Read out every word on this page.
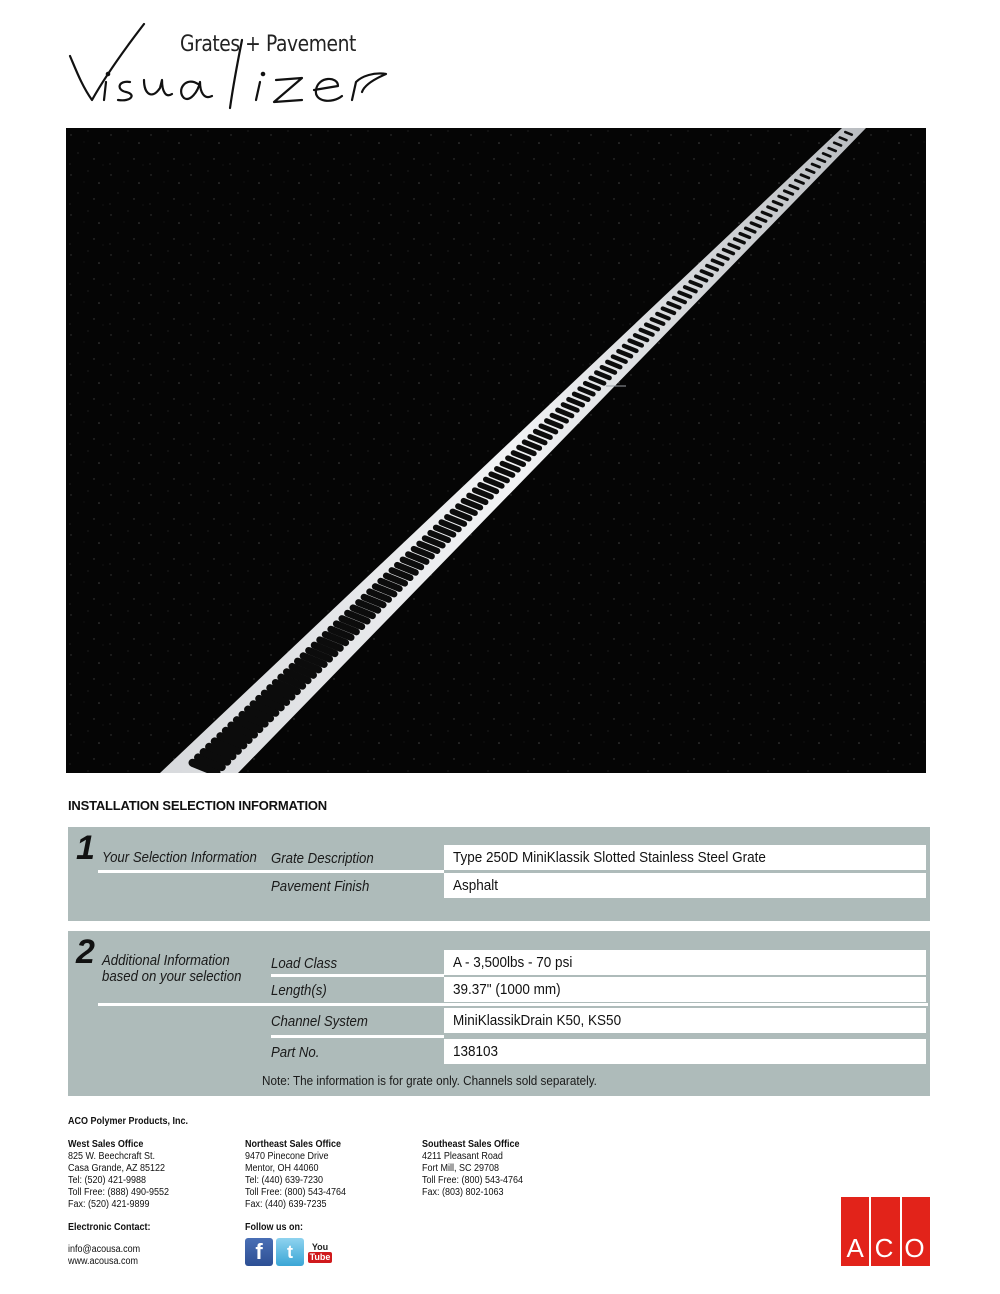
Grates + Pavement
INSTALLATION SELECTION INFORMATION
1 Your Selection Information Grate Description	Type 250D MiniKlassik Slotted Stainless Steel Grate
Pavement Finish	Asphalt
2 Additional Information
based on your selection
Load Class	A - 3,500lbs - 70 psi
Length(s)	39.37" (1000 mm)
Channel System	MiniKlassikDrain K50, KS50
Part No.	138103
Note: The information is for grate only. Channels sold separately.
ACO Polymer Products, Inc.
West Sales Office
825 W. Beechcraft St.
Casa Grande, AZ 85122
Tel: (520) 421-9988
Toll Free: (888) 490-9552
Fax: (520) 421-9899
Northeast Sales Office
9470 Pinecone Drive
Mentor, OH 44060
Tel: (440) 639-7230
Toll Free: (800) 543-4764
Fax: (440) 639-7235
Southeast Sales Office
4211 Pleasant Road
Fort Mill, SC 29708
Toll Free: (800) 543-4764
Fax: (803) 802-1063
Electronic Contact:
info@acousa.com
www.acousa.com
Follow us on:
f	t	You
Tube	A C O
